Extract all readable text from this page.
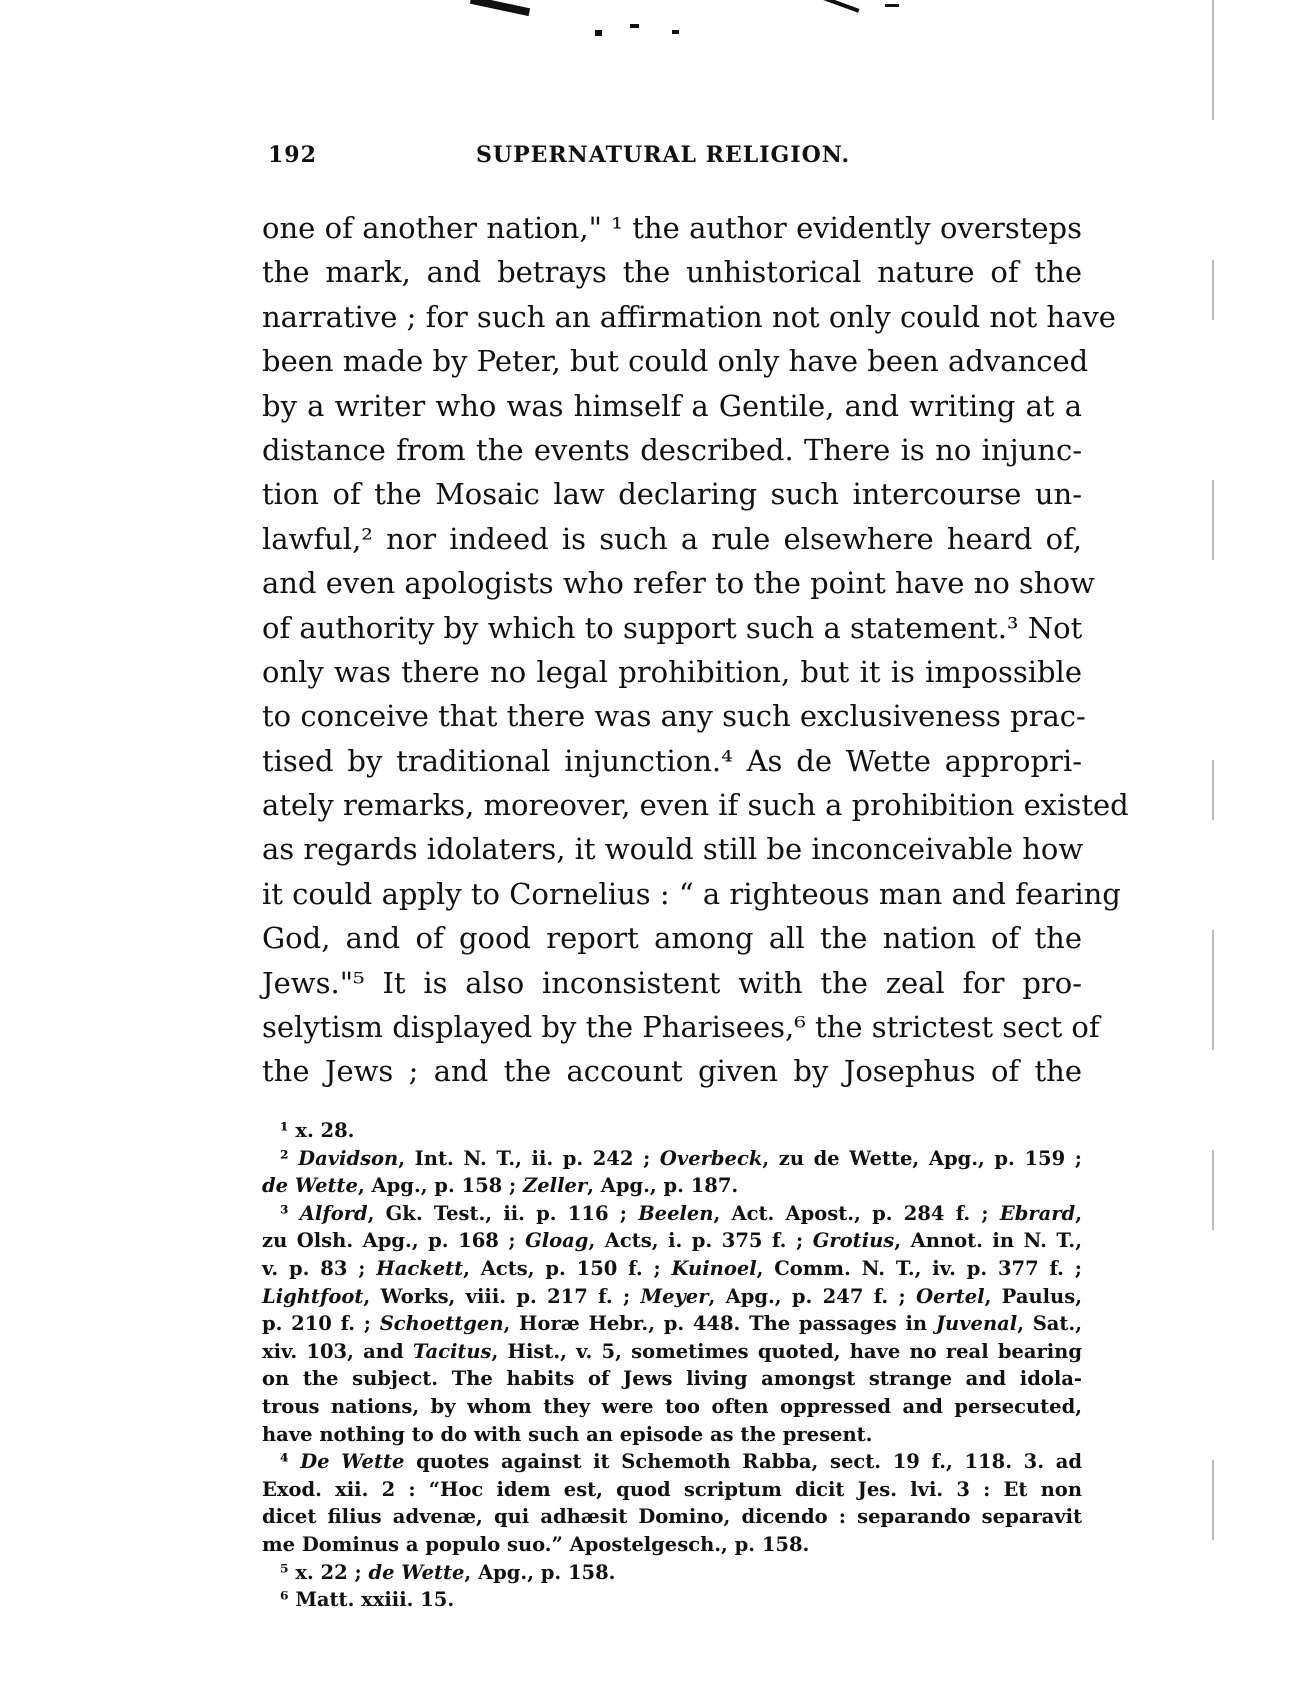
192	SUPERNATURAL RELIGION.
one of another nation," ¹ the author evidently oversteps
the mark, and betrays the unhistorical nature of the
narrative ; for such an affirmation not only could not have
been made by Peter, but could only have been advanced
by a writer who was himself a Gentile, and writing at a
distance from the events described. There is no injunc-
tion of the Mosaic law declaring such intercourse un-
lawful,² nor indeed is such a rule elsewhere heard of,
and even apologists who refer to the point have no show
of authority by which to support such a statement.³ Not
only was there no legal prohibition, but it is impossible
to conceive that there was any such exclusiveness prac-
tised by traditional injunction.⁴ As de Wette appropri-
ately remarks, moreover, even if such a prohibition existed
as regards idolaters, it would still be inconceivable how
it could apply to Cornelius : “ a righteous man and fearing
God, and of good report among all the nation of the
Jews."⁵ It is also inconsistent with the zeal for pro-
selytism displayed by the Pharisees,⁶ the strictest sect of
the Jews ; and the account given by Josephus of the
¹ x. 28.
² Davidson, Int. N. T., ii. p. 242 ; Overbeck, zu de Wette, Apg., p. 159 ;
de Wette, Apg., p. 158 ; Zeller, Apg., p. 187.
³ Alford, Gk. Test., ii. p. 116 ; Beelen, Act. Apost., p. 284 f. ; Ebrard,
zu Olsh. Apg., p. 168 ; Gloag, Acts, i. p. 375 f. ; Grotius, Annot. in N. T.,
v. p. 83 ; Hackett, Acts, p. 150 f. ; Kuinoel, Comm. N. T., iv. p. 377 f. ;
Lightfoot, Works, viii. p. 217 f. ; Meyer, Apg., p. 247 f. ; Oertel, Paulus,
p. 210 f. ; Schoettgen, Horæ Hebr., p. 448. The passages in Juvenal, Sat.,
xiv. 103, and Tacitus, Hist., v. 5, sometimes quoted, have no real bearing
on the subject. The habits of Jews living amongst strange and idola-
trous nations, by whom they were too often oppressed and persecuted,
have nothing to do with such an episode as the present.
⁴ De Wette quotes against it Schemoth Rabba, sect. 19 f., 118. 3. ad
Exod. xii. 2 : “Hoc idem est, quod scriptum dicit Jes. lvi. 3 : Et non
dicet filius advenæ, qui adhæsit Domino, dicendo : separando separavit
me Dominus a populo suo.” Apostelgesch., p. 158.
⁵ x. 22 ; de Wette, Apg., p. 158.
⁶ Matt. xxiii. 15.
